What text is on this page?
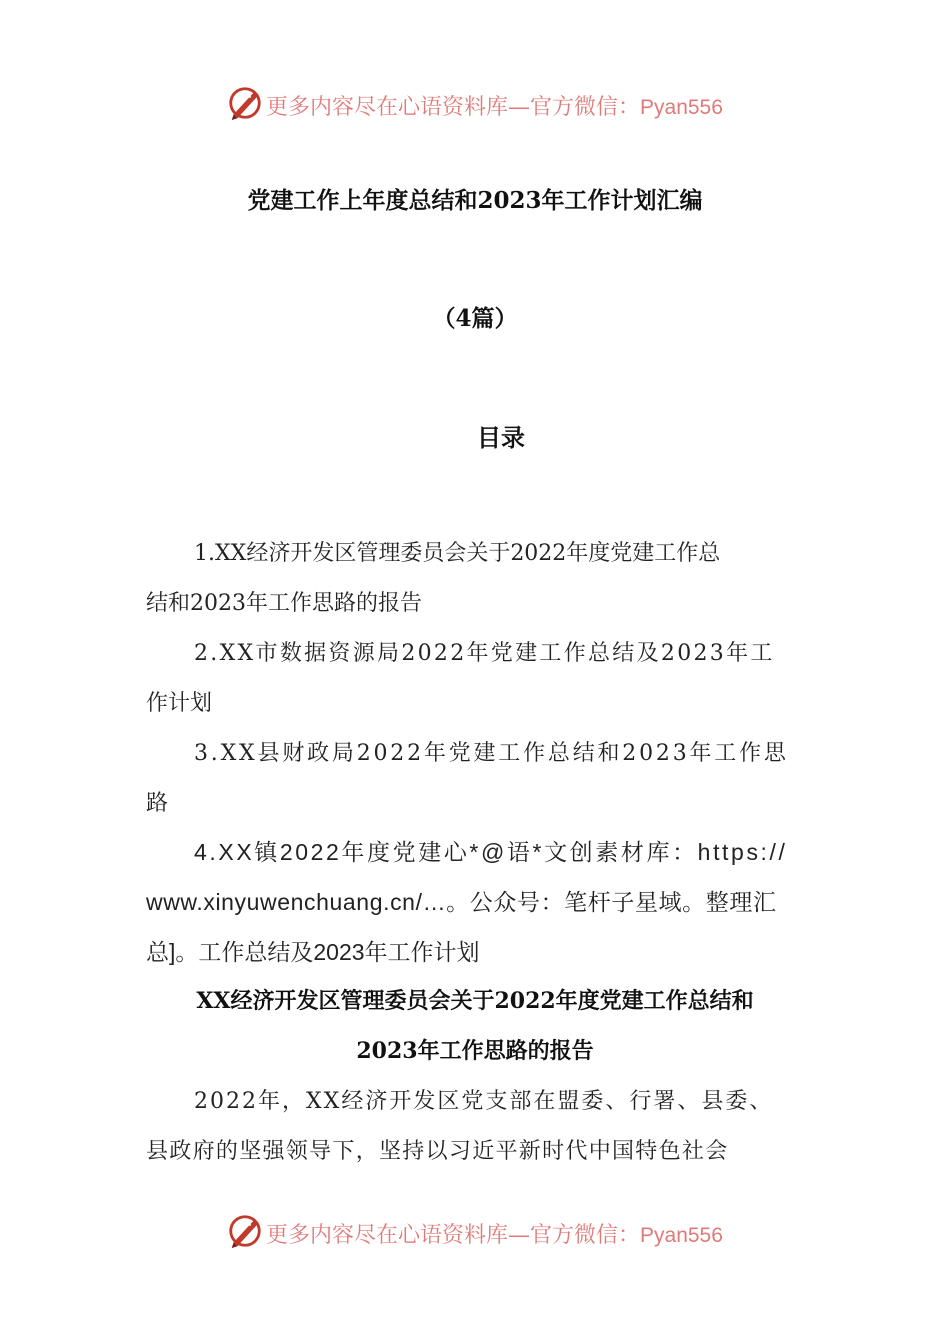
更多内容尽在心语资料库—官方微信：Pyan556
党建工作上年度总结和2023年工作计划汇编
（4篇）
目录
1.XX经济开发区管理委员会关于2022年度党建工作总
结和2023年工作思路的报告
2.XX市数据资源局2022年党建工作总结及2023年工
作计划
3.XX县财政局2022年党建工作总结和2023年工作思
路
4.XX镇2022年度党建心*@语*文创素材库：https://
www.xinyuwenchuang.cn/…。公众号：笔杆子星域。整理汇
总]。工作总结及2023年工作计划
XX经济开发区管理委员会关于2022年度党建工作总结和
2023年工作思路的报告
2022年，XX经济开发区党支部在盟委、行署、县委、
县政府的坚强领导下，坚持以习近平新时代中国特色社会
更多内容尽在心语资料库—官方微信：Pyan556
